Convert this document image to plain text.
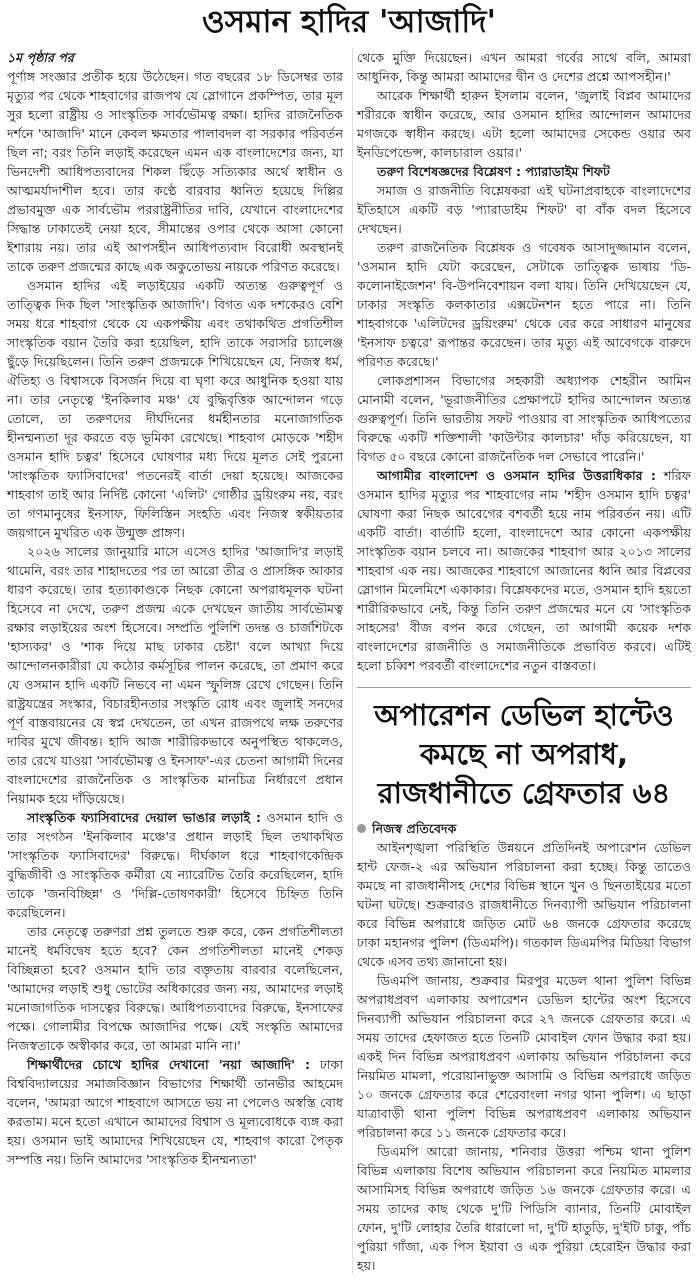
ওসমান হাদির 'আজাদি'
১ম পৃষ্ঠার পর

পূর্ণাঙ্গ সংজ্ঞার প্রতীক হয়ে উঠেছেন। গত বছরের ১৮ ডিসেম্বর তার মৃত্যুর পর থেকে শাহবাগের রাজপথ যে স্লোগানে প্রকম্পিত, তার মূল সুর হলো রাষ্ট্রীয় ও সাংস্কৃতিক সার্বভৌমত্ব রক্ষা। হাদির রাজনৈতিক দর্শনে 'আজাদি' মানে কেবল ক্ষমতার পালাবদল বা সরকার পরিবর্তন ছিল না; বরং তিনি লড়াই করেছেন এমন এক বাংলাদেশের জন্য, যা ভিনদেশী আধিপত্যবাদের শিকল ছিঁড়ে সত্যিকার অর্থে স্বাধীন ও আত্মমর্যাদাশীল হবে। তার কণ্ঠে বারবার ধ্বনিত হয়েছে দিল্লির প্রভাবমুক্ত এক সার্বভৌম পররাষ্ট্রনীতির দাবি, যেখানে বাংলাদেশের সিদ্ধান্ত ঢাকাতেই নেয়া হবে, সীমান্তের ওপার থেকে আসা কোনো ইশারায় নয়। তার এই আপসহীন আধিপত্যবাদ বিরোধী অবস্থানই তাকে তরুণ প্রজন্মের কাছে এক অকুতোভয় নায়কে পরিণত করেছে।

ওসমান হাদির এই লড়াইয়ের একটি অত্যন্ত গুরুত্বপূর্ণ ও তাত্ত্বিক দিক ছিল 'সাংস্কৃতিক আজাদি'। বিগত এক দশকেরও বেশি সময় ধরে শাহবাগ থেকে যে একপক্ষীয় এবং তথাকথিত প্রগতিশীল সাংস্কৃতিক বয়ান তৈরি করা হয়েছিল, হাদি তাকে সরাসরি চ্যালেঞ্জ ছুঁড়ে দিয়েছিলেন। তিনি তরুণ প্রজন্মকে শিখিয়েছেন যে, নিজস্ব ধর্ম, ঐতিহ্য ও বিশ্বাসকে বিসর্জন দিয়ে বা ঘৃণা করে আধুনিক হওয়া যায় না। তার নেতৃত্বে 'ইনকিলাব মঞ্চ' যে বুদ্ধিবৃত্তিক আন্দোলন গড়ে তোলে, তা তরুণদের দীর্ঘদিনের ধর্মহীনতার মনোজাগতিক হীনম্মন্যতা দূর করতে বড় ভূমিকা রেখেছে। শাহবাগ মোড়কে 'শহীদ ওসমান হাদি চত্বর' হিসেবে ঘোষণার মধ্য দিয়ে মূলত সেই পুরনো 'সাংস্কৃতিক ফ্যাসিবাদের' পতনেরই বার্তা দেয়া হয়েছে। আজকের শাহবাগ তাই আর নির্দিষ্ট কোনো 'এলিট' গোষ্ঠীর ড্রয়িংরুম নয়, বরং তা গণমানুষের ইনসাফ, ফিলিস্তিন সংহতি এবং নিজস্ব স্বকীয়তার জয়গানে মুখরিত এক উন্মুক্ত প্রাঙ্গণ।

২০২৬ সালের জানুয়ারি মাসে এসেও হাদির 'আজাদি'র লড়াই থামেনি, বরং তার শাহাদতের পর তা আরো তীব্র ও প্রাসঙ্গিক আকার ধারণ করেছে। তার হত্যাকাণ্ডকে নিছক কোনো অপরাধমূলক ঘটনা হিসেবে না দেখে, তরুণ প্রজন্ম একে দেখছেন জাতীয় সার্বভৌমত্ব রক্ষার লড়াইয়ের অংশ হিসেবে। সম্প্রতি পুলিশি তদন্ত ও চার্জশিটকে 'হাস্যকর' ও 'শাক দিয়ে মাছ ঢাকার চেষ্টা' বলে আখ্যা দিয়ে আন্দোলনকারীরা যে কঠোর কর্মসূচির পালন করেছে, তা প্রমাণ করে যে ওসমান হাদি একটি নিভবে না এমন স্ফুলিঙ্গ রেখে গেছেন। তিনি রাষ্ট্রযন্ত্রের সংস্কার, বিচারহীনতার সংস্কৃতি রোধ এবং জুলাই সনদের পূর্ণ বাস্তবায়নের যে স্বপ্ন দেখতেন, তা এখন রাজপথে লক্ষ তরুণের দাবির মুখে জীবন্ত। হাদি আজ শারীরিকভাবে অনুপস্থিত থাকলেও, তার রেখে যাওয়া 'সার্বভৌমত্ব ও ইনসাফ'-এর চেতনা আগামী দিনের বাংলাদেশের রাজনৈতিক ও সাংস্কৃতিক মানচিত্র নির্ধারণে প্রধান নিয়ামক হয়ে দাঁড়িয়েছে।

সাংস্কৃতিক ফ্যাসিবাদের দেয়াল ভাঙার লড়াই : ওসমান হাদি ও তার সংগঠন 'ইনকিলাব মঞ্চে'র প্রধান লড়াই ছিল তথাকথিত 'সাংস্কৃতিক ফ্যাসিবাদের' বিরুদ্ধে। দীর্ঘকাল ধরে শাহবাগকেন্দ্রিক বুদ্ধিজীবী ও সাংস্কৃতিক কর্মীরা যে ন্যারেটিভ তৈরি করেছিলেন, হাদি তাকে 'জনবিচ্ছিন্ন' ও 'দিল্লি-তোষণকারী' হিসেবে চিহ্নিত তিনি করেছিলেন।

তার নেতৃত্বে তরুণরা প্রশ্ন তুলতে শুরু করে, কেন প্রগতিশীলতা মানেই ধর্মবিদ্বেষ হতে হবে? কেন প্রগতিশীলতা মানেই শেকড় বিচ্ছিন্নতা হবে? ওসমান হাদি তার বক্তৃতায় বারবার বলেছিলেন, 'আমাদের লড়াই শুধু ভোটের অধিকারের জন্য নয়, আমাদের লড়াই মনোজাগতিক দাসত্বের বিরুদ্ধে। আধিপত্যবাদের বিরুদ্ধে, ইনসাফের পক্ষে। গোলামীর বিপক্ষে আজাদির পক্ষে। যেই সংস্কৃতি আমাদের নিজস্বতাকে অস্বীকার করে, তা আমরা মানি না।'

শিক্ষার্থীদের চোখে হাদির দেখানো 'নয়া আজাদি' : ঢাকা বিশ্ববিদ্যালয়ের সমাজবিজ্ঞান বিভাগের শিক্ষার্থী তানভীর আহমেদ বলেন, 'আমরা আগে শাহবাগে আসতে ভয় না পেলেও অস্বস্তি বোধ করতাম। মনে হতো এখানে আমাদের বিশ্বাস ও মূল্যবোধকে ব্যঙ্গ করা হয়। ওসমান ভাই আমাদের শিখিয়েছেন যে, শাহবাগ কারো পৈতৃক সম্পত্তি নয়। তিনি আমাদের 'সাংস্কৃতিক হীনম্মন্যতা'

থেকে মুক্তি দিয়েছেন। এখন আমরা গর্বের সাথে বলি, আমরা আধুনিক, কিন্তু আমরা আমাদের দ্বীন ও দেশের প্রশ্নে আপসহীন।'

আরেক শিক্ষার্থী হারুন ইসলাম বলেন, 'জুলাই বিপ্লব আমাদের শরীরকে স্বাধীন করেছে, আর ওসমান হাদির আন্দোলন আমাদের মগজকে স্বাধীন করছে। এটা হলো আমাদের সেকেন্ড ওয়ার অব ইনডিপেন্ডেন্স, কালচারাল ওয়ার।'

তরুণ বিশেষজ্ঞদের বিশ্লেষণ : প্যারাডাইম শিফট

সমাজ ও রাজনীতি বিশ্লেষকরা এই ঘটনাপ্রবাহকে বাংলাদেশের ইতিহাসে একটি বড় 'প্যারাডাইম শিফট' বা বাঁক বদল হিসেবে দেখছেন।

তরুণ রাজনৈতিক বিশ্লেষক ও গবেষক আসাদুজ্জামান বলেন, 'ওসমান হাদি যেটা করেছেন, সেটাকে তাত্ত্বিক ভাষায় 'ডি-কলোনাইজেশন' বি-উপনিবেশায়ন বলা যায়। তিনি দেখিয়েছেন যে, ঢাকার সংস্কৃতি কলকাতার এক্সটেনশন হতে পারে না। তিনি শাহবাগকে 'এলিটদের ড্রয়িংরুম' থেকে বের করে সাধারণ মানুষের 'ইনসাফ চত্বরে' রূপান্তর করেছেন। তার মৃত্যু এই আবেগকে বারুদে পরিণত করেছে।'

লোকপ্রশাসন বিভাগের সহকারী অধ্যাপক শেহরীন আমিন মোনামী বলেন, 'ভূরাজনীতির প্রেক্ষাপটে হাদির আন্দোলন অত্যন্ত গুরুত্বপূর্ণ। তিনি ভারতীয় সফট পাওয়ার বা সাংস্কৃতিক আধিপত্যের বিরুদ্ধে একটি শক্তিশালী 'কাউন্টার কালচার' দাঁড় করিয়েছেন, যা বিগত ৫০ বছরে কোনো রাজনৈতিক দল সেভাবে পারেনি।'

আগামীর বাংলাদেশ ও ওসমান হাদির উত্তরাধিকার : শরিফ ওসমান হাদির মৃত্যুর পর শাহবাগের নাম 'শহীদ ওসমান হাদি চত্বর' ঘোষণা করা নিছক আবেগের বশবর্তী হয়ে নাম পরিবর্তন নয়। এটি একটি বার্তা। বার্তাটি হলো, বাংলাদেশে আর কোনো একপক্ষীয় সাংস্কৃতিক বয়ান চলবে না। আজকের শাহবাগ আর ২০১৩ সালের শাহবাগ এক নয়। আজকের শাহবাগে আজানের ধ্বনি আর বিপ্লবের স্লোগান মিলেমিশে একাকার। বিশ্লেষকদের মতে, ওসমান হাদি হয়তো শারীরিকভাবে নেই, কিন্তু তিনি তরুণ প্রজন্মের মনে যে 'সাংস্কৃতিক সাহসের' বীজ বপন করে গেছেন, তা আগামী কয়েক দশক বাংলাদেশের রাজনীতি ও সমাজনীতিকে প্রভাবিত করবে। এটিই হলো চব্বিশ পরবর্তী বাংলাদেশের নতুন বাস্তবতা।

অপারেশন ডেভিল হান্টেও কমছে না অপরাধ, রাজধানীতে গ্রেফতার ৬৪
নিজস্ব প্রতিবেদক

আইনশৃঙ্খলা পরিস্থিতি উন্নয়নে প্রতিদিনই অপারেশন ডেভিল হান্ট ফেজ-২ এর অভিযান পরিচালনা করা হচ্ছে। কিন্তু তাতেও কমছে না রাজধানীসহ দেশের বিভিন্ন স্থানে খুন ও ছিনতাইয়ের মতো ঘটনা ঘটছে। শুক্রবারও রাজধানীতে দিনব্যাপী অভিযান পরিচালনা করে বিভিন্ন অপরাধে জড়িত মোট ৬৪ জনকে গ্রেফতার করেছে ঢাকা মহানগর পুলিশ (ডিএমপি)। গতকাল ডিএমপির মিডিয়া বিভাগ থেকে এসব তথ্য জানানো হয়।

ডিএমপি জানায়, শুক্রবার মিরপুর মডেল থানা পুলিশ বিভিন্ন অপরাধপ্রবণ এলাকায় অপারেশন ডেভিল হান্টের অংশ হিসেবে দিনব্যাপী অভিযান পরিচালনা করে ২৭ জনকে গ্রেফতার করে। এ সময় তাদের হেফাজত হতে তিনটি মোবাইল ফোন উদ্ধার করা হয়। একই দিন বিভিন্ন অপরাধপ্রবণ এলাকায় অভিযান পরিচালনা করে নিয়মিত মামলা, পরোয়ানাভুক্ত আসামি ও বিভিন্ন অপরাধে জড়িত ১০ জনকে গ্রেফতার করে শেরেবাংলা নগর থানা পুলিশ। এ ছাড়া যাত্রাবাড়ী থানা পুলিশ বিভিন্ন অপরাধপ্রবণ এলাকায় অভিযান পরিচালনা করে ১১ জনকে গ্রেফতার করে।

ডিএমপি আরো জানায়, শনিবার উত্তরা পশ্চিম থানা পুলিশ বিভিন্ন এলাকায় বিশেষ অভিযান পরিচালনা করে নিয়মিত মামলার আসামিসহ বিভিন্ন অপরাধে জড়িত ১৬ জনকে গ্রেফতার করে। এ সময় তাদের কাছ থেকে দু'টি পিডিসি ব্যানার, তিনটি মোবাইল ফোন, দু'টি লোহার তৈরি ধারালো দা, দু'টি হাতুড়ি, দু'ইটি চাকু, পাঁচ পুরিয়া গাঁজা, এক পিস ইয়াবা ও এক পুরিয়া হেরোইন উদ্ধার করা হয়।
